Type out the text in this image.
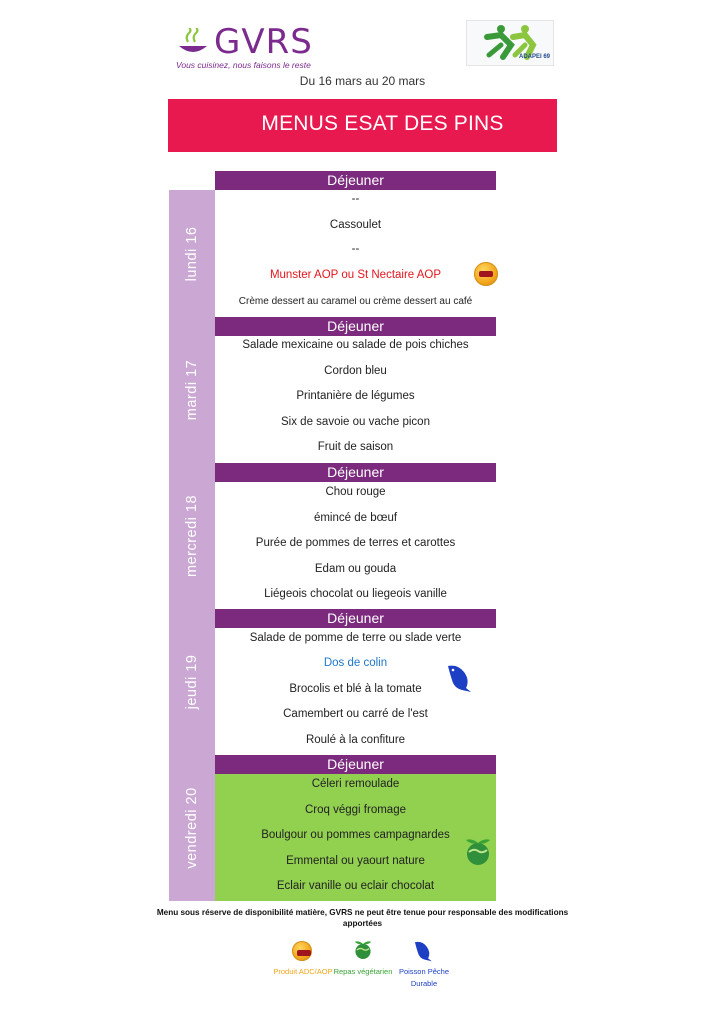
GVRS
Vous cuisinez, nous faisons le reste
ADAPEI 69
Du 16 mars au 20 mars
MENUS ESAT DES PINS
lundi 16
mardi 17
mercredi 18
jeudi 19
vendredi 20
Déjeuner
Déjeuner
Déjeuner
Déjeuner
Déjeuner
--
Cassoulet
--
Munster AOP ou St Nectaire AOP
Crème dessert au caramel ou crème dessert au café
Salade mexicaine ou salade de pois chiches
Cordon bleu
Printanière de légumes
Six de savoie ou vache picon
Fruit de saison
Chou rouge
émincé de bœuf
Purée de pommes de terres et carottes
Edam ou gouda
Liégeois chocolat ou liegeois vanille
Salade de pomme de terre ou slade verte
Dos de colin
Brocolis et blé à la tomate
Camembert ou carré de l'est
Roulé à la confiture
Céleri remoulade
Croq véggi fromage
Boulgour ou pommes campagnardes
Emmental ou yaourt nature
Eclair vanille ou eclair chocolat
Menu sous réserve de disponibilité matière, GVRS ne peut être tenue pour responsable des modifications apportées
Produit ADC/AOP Repas végétarien Poisson Pêche Durable
